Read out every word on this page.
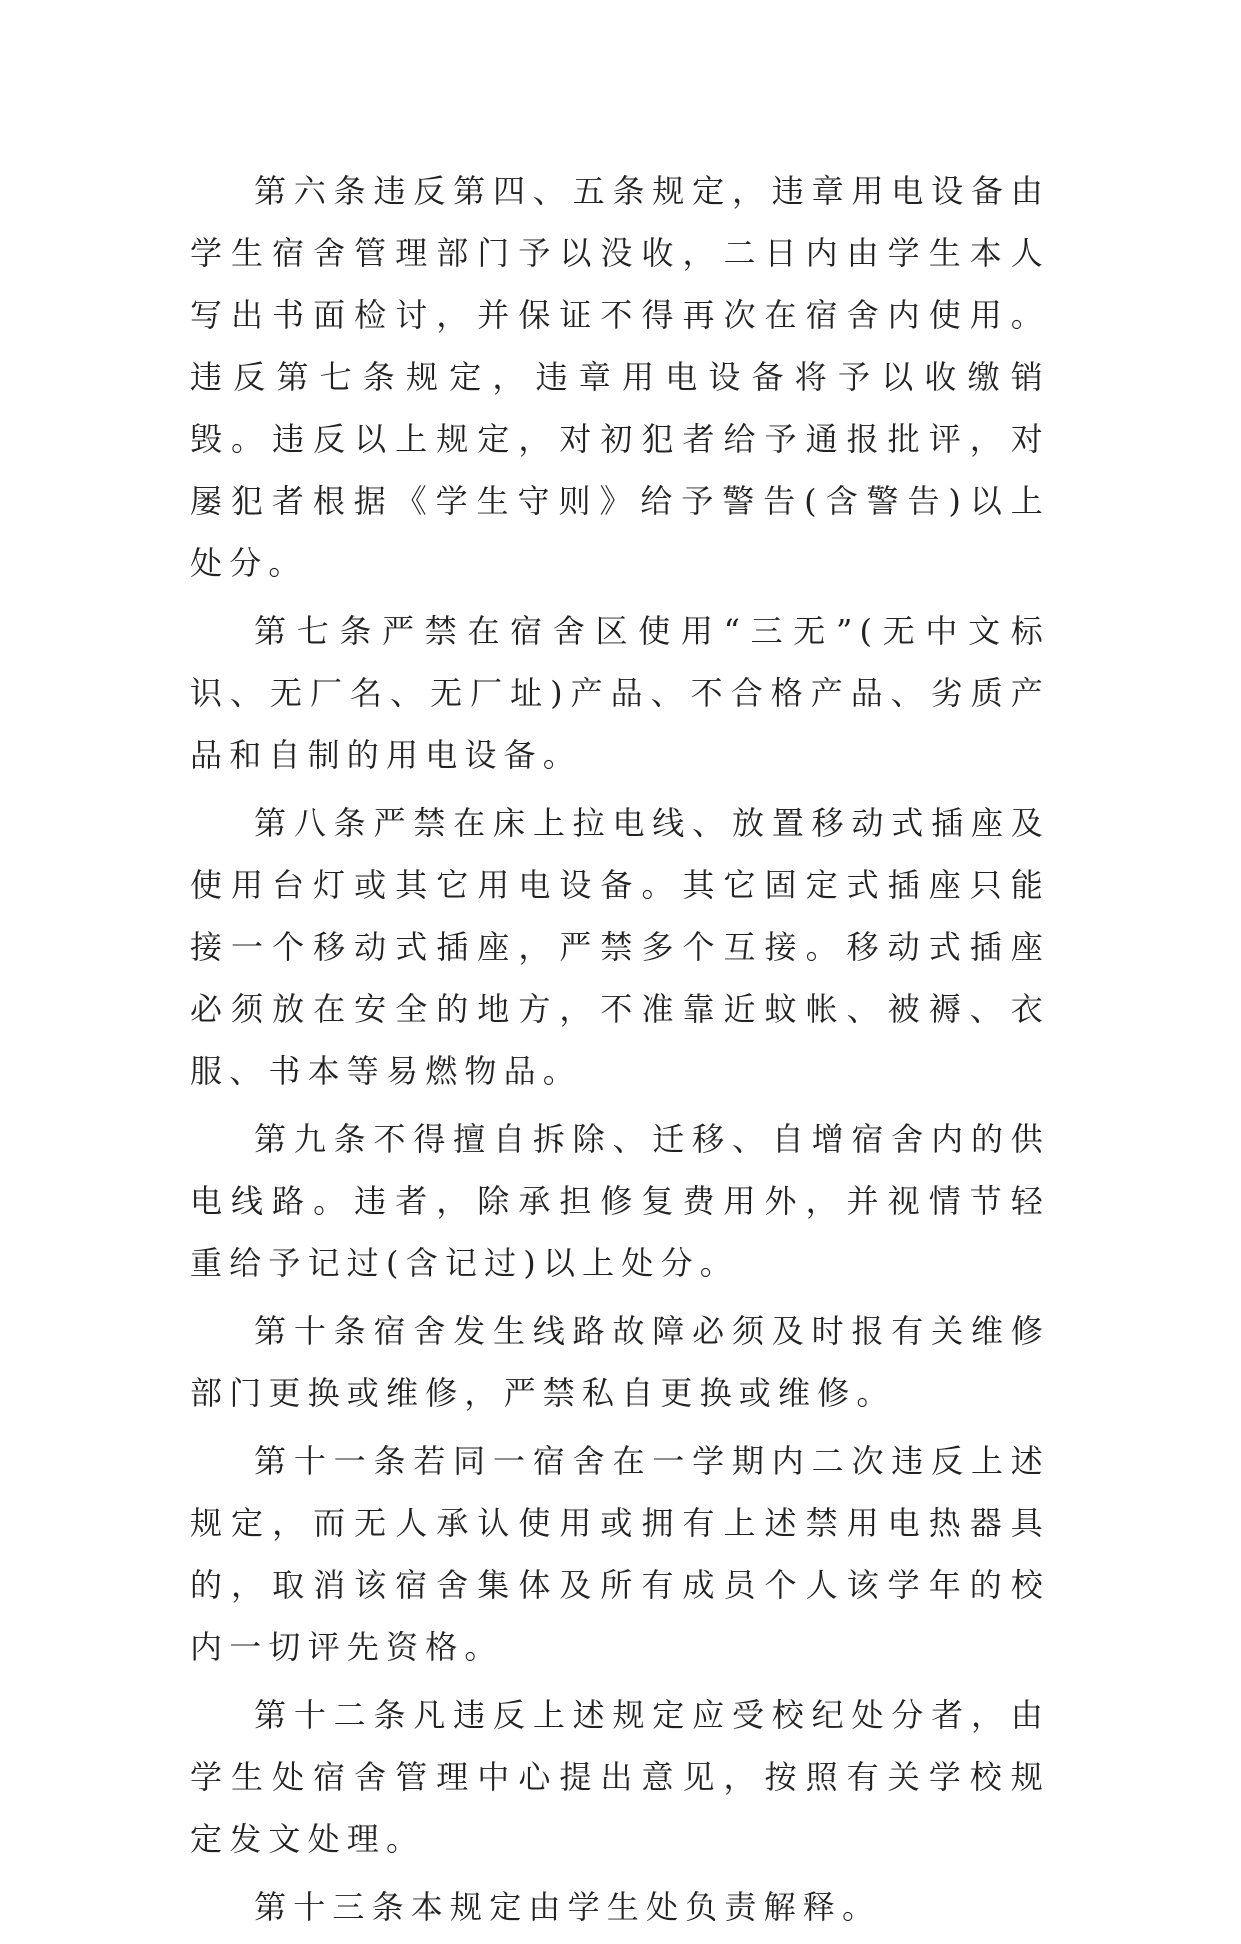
第六条违反第四、五条规定，违章用电设备由学生宿舍管理部门予以没收，二日内由学生本人写出书面检讨，并保证不得再次在宿舍内使用。违反第七条规定，违章用电设备将予以收缴销毁。违反以上规定，对初犯者给予通报批评，对屡犯者根据《学生守则》给予警告(含警告)以上处分。

第七条严禁在宿舍区使用“三无”(无中文标识、无厂名、无厂址)产品、不合格产品、劣质产品和自制的用电设备。

第八条严禁在床上拉电线、放置移动式插座及使用台灯或其它用电设备。其它固定式插座只能接一个移动式插座，严禁多个互接。移动式插座必须放在安全的地方，不准靠近蚊帐、被褥、衣服、书本等易燃物品。

第九条不得擅自拆除、迁移、自增宿舍内的供电线路。违者，除承担修复费用外，并视情节轻重给予记过(含记过)以上处分。

第十条宿舍发生线路故障必须及时报有关维修部门更换或维修，严禁私自更换或维修。

第十一条若同一宿舍在一学期内二次违反上述规定，而无人承认使用或拥有上述禁用电热器具的，取消该宿舍集体及所有成员个人该学年的校内一切评先资格。

第十二条凡违反上述规定应受校纪处分者，由学生处宿舍管理中心提出意见，按照有关学校规定发文处理。

第十三条本规定由学生处负责解释。
